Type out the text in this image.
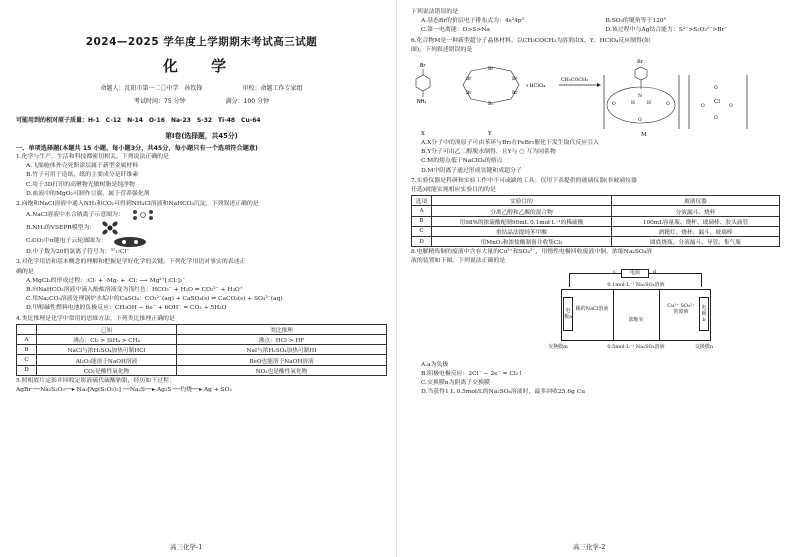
2024—2025 学年度上学期期末考试高三试题
化 学
命题人：沈阳市第一二〇中学　孙钦锋	审校：命题工作专家组
考试时间：75 分钟	满分：100 分钟
可能用到的相对原子质量：H-1　C-12　N-14　O-16　Na-23　S-32　Ti-48　Cu-64
第Ⅰ卷(选择题，共45分)
一、单项选择题(本题共 15 小题，每小题3分，共45分，每小题只有一个选项符合题意)
1.化学与生产、生活和科技都密切相关。下列说法正确的是
A.飞船舱体外壳死斯涂层属于新型金属材料
B.竹子可用于造纸，纸的主要成分是纤维素
C.用于3D打印的高聚物光敏树脂是纯净物
D.血液中的MgO₂可制作豆腐，属于营养强化剂
2.向饱和NaCl溶液中通入NH₃和CO₂可得到NH₄Cl溶液和NaHCO₃沉淀，下列叙述正确的是
A.NaCl溶液中水合钠离子示意图为：
B.NH₃的VSEPR模型为：
C.CO₂中π键电子云轮廓图为：
D.中子数为20的氯离子符号为：³⁷₁₇Cl⁻
3.对化学用语和基本概念的理解和把握是学好化学的关键。下列化学用语对事实的表述正
确的是
A.MgCl₂的形成过程：:Cl· + ·Mg· + ·Cl: ⟶ Mg²⁺[:Cl:]₂⁻
B.向NaHCO₃溶液中滴入酚酞溶液变为浅红色：HCO₃⁻ + H₂O ⇌ CO₃²⁻ + H₃O⁺
C.用Na₂CO₃溶液处理锅炉水垢中的CaSO₄：CO₃²⁻(aq) + CaSO₄(s) ⇌ CaCO₃(s) + SO₄²⁻(aq)
D.甲醇碱性燃料电池的负极反应：CH₃OH − 6e⁻ + 6OH⁻ = CO₂ + 5H₂O
4.类比推理是化学中常用的思维方法，下列类比推理正确的是
	已知	类比推理
A	沸点：Cl₂ > SiH₄ > CH₄	沸点：HCl > HF
B	NaCl与浓H₂SO₄加热可制HCl	NaI与浓H₂SO₄加热可制HI
C	Al₂O₃能溶于NaOH溶液	BeO也能溶于NaOH溶液
D	CO₂是酸性氧化物	NO₂也是酸性氧化物
5.照相底片定影并回收定影液硫代硫酸钠银，经历如下过程：
AgBr ──Na₂S₂O₃──▸ Na₃[Ag(S₂O₃)₂] ──Na₂S──▸ Ag₂S ──灼烧──▸ Ag + SO₂
高三化学-1
下列说法错误的是
A.基态Br的价层电子排布式为：4s²4p⁵	B.SO₃的键角等于120°
C.第一电离能：O>S>Na	D.该过程中与Ag结合能力：S²⁻>S₂O₃²⁻>Br⁻
6.化合物M是一种新型超分子晶体材料，以CH₃COCH₃为溶剂由X、Y、HClO₄反应制得(如
图)。下列叙述错误的是
Br
NH₂
X
Br
Br	Br
Br	Br
Br
Y
+HClO₄
CH₃COCH₃
Br
N
H	H
O	O
O
Cl
O
O	O
O
M
A.X分子中的溴原子可由苯环与Br₂在FeBr₃催化下发生取代反应引入
B.Y分子可由乙二醇脱水制得，且Y与 ○ 互为同系物
C.M的熔点低于NaClO₄的熔点
D.M中阴离子通过形成氢键和成超分子
7.实验仪器是科研和实验工作中不可或缺的工具。仅用下表提供的玻璃仪器(非玻璃仪器
任选)就能实现相应实验目的的是
选项	实验目的	玻璃仪器
A	分离乙醇和乙酸的混合物	分液漏斗、烧杯
B	用98%的浓硫酸配制90mL 0.1mol·L⁻¹的稀硫酸	100mL容量瓶、烧杯、玻璃棒、胶头滴管
C	重结晶法提纯苯甲酸	酒精灯、烧杯、漏斗、玻璃棒
D	用MnO₂和浓盐酸制备并收集Cl₂	圆底烧瓶、分液漏斗、导管、集气瓶
8.电解精炼铜的废液中含有大量的Cu²⁺和SO₄²⁻，用惰性电极回收废液中铜、浓缩Na₂SO₄溶
液的装置如下图。下列说法正确的是
电源
c	d
0.1mol·L⁻¹ Na₂SO₄溶液
电极a
稀的NaCl溶液
浓缩室
Cu²⁺ SO₄²⁻ 的废液
电极b
交换膜m	0.5mol·L⁻¹ Na₂SO₄溶液	交换膜n
A.a为负极
B.阳极电极反应：2Cl⁻ − 2e⁻ = Cl₂↑
C.交换膜n为阴离子交换膜
D.当获得1 L 0.5mol/L的Na₂SO₄溶液时，最多回收25.6g Cu
高三化学-2
